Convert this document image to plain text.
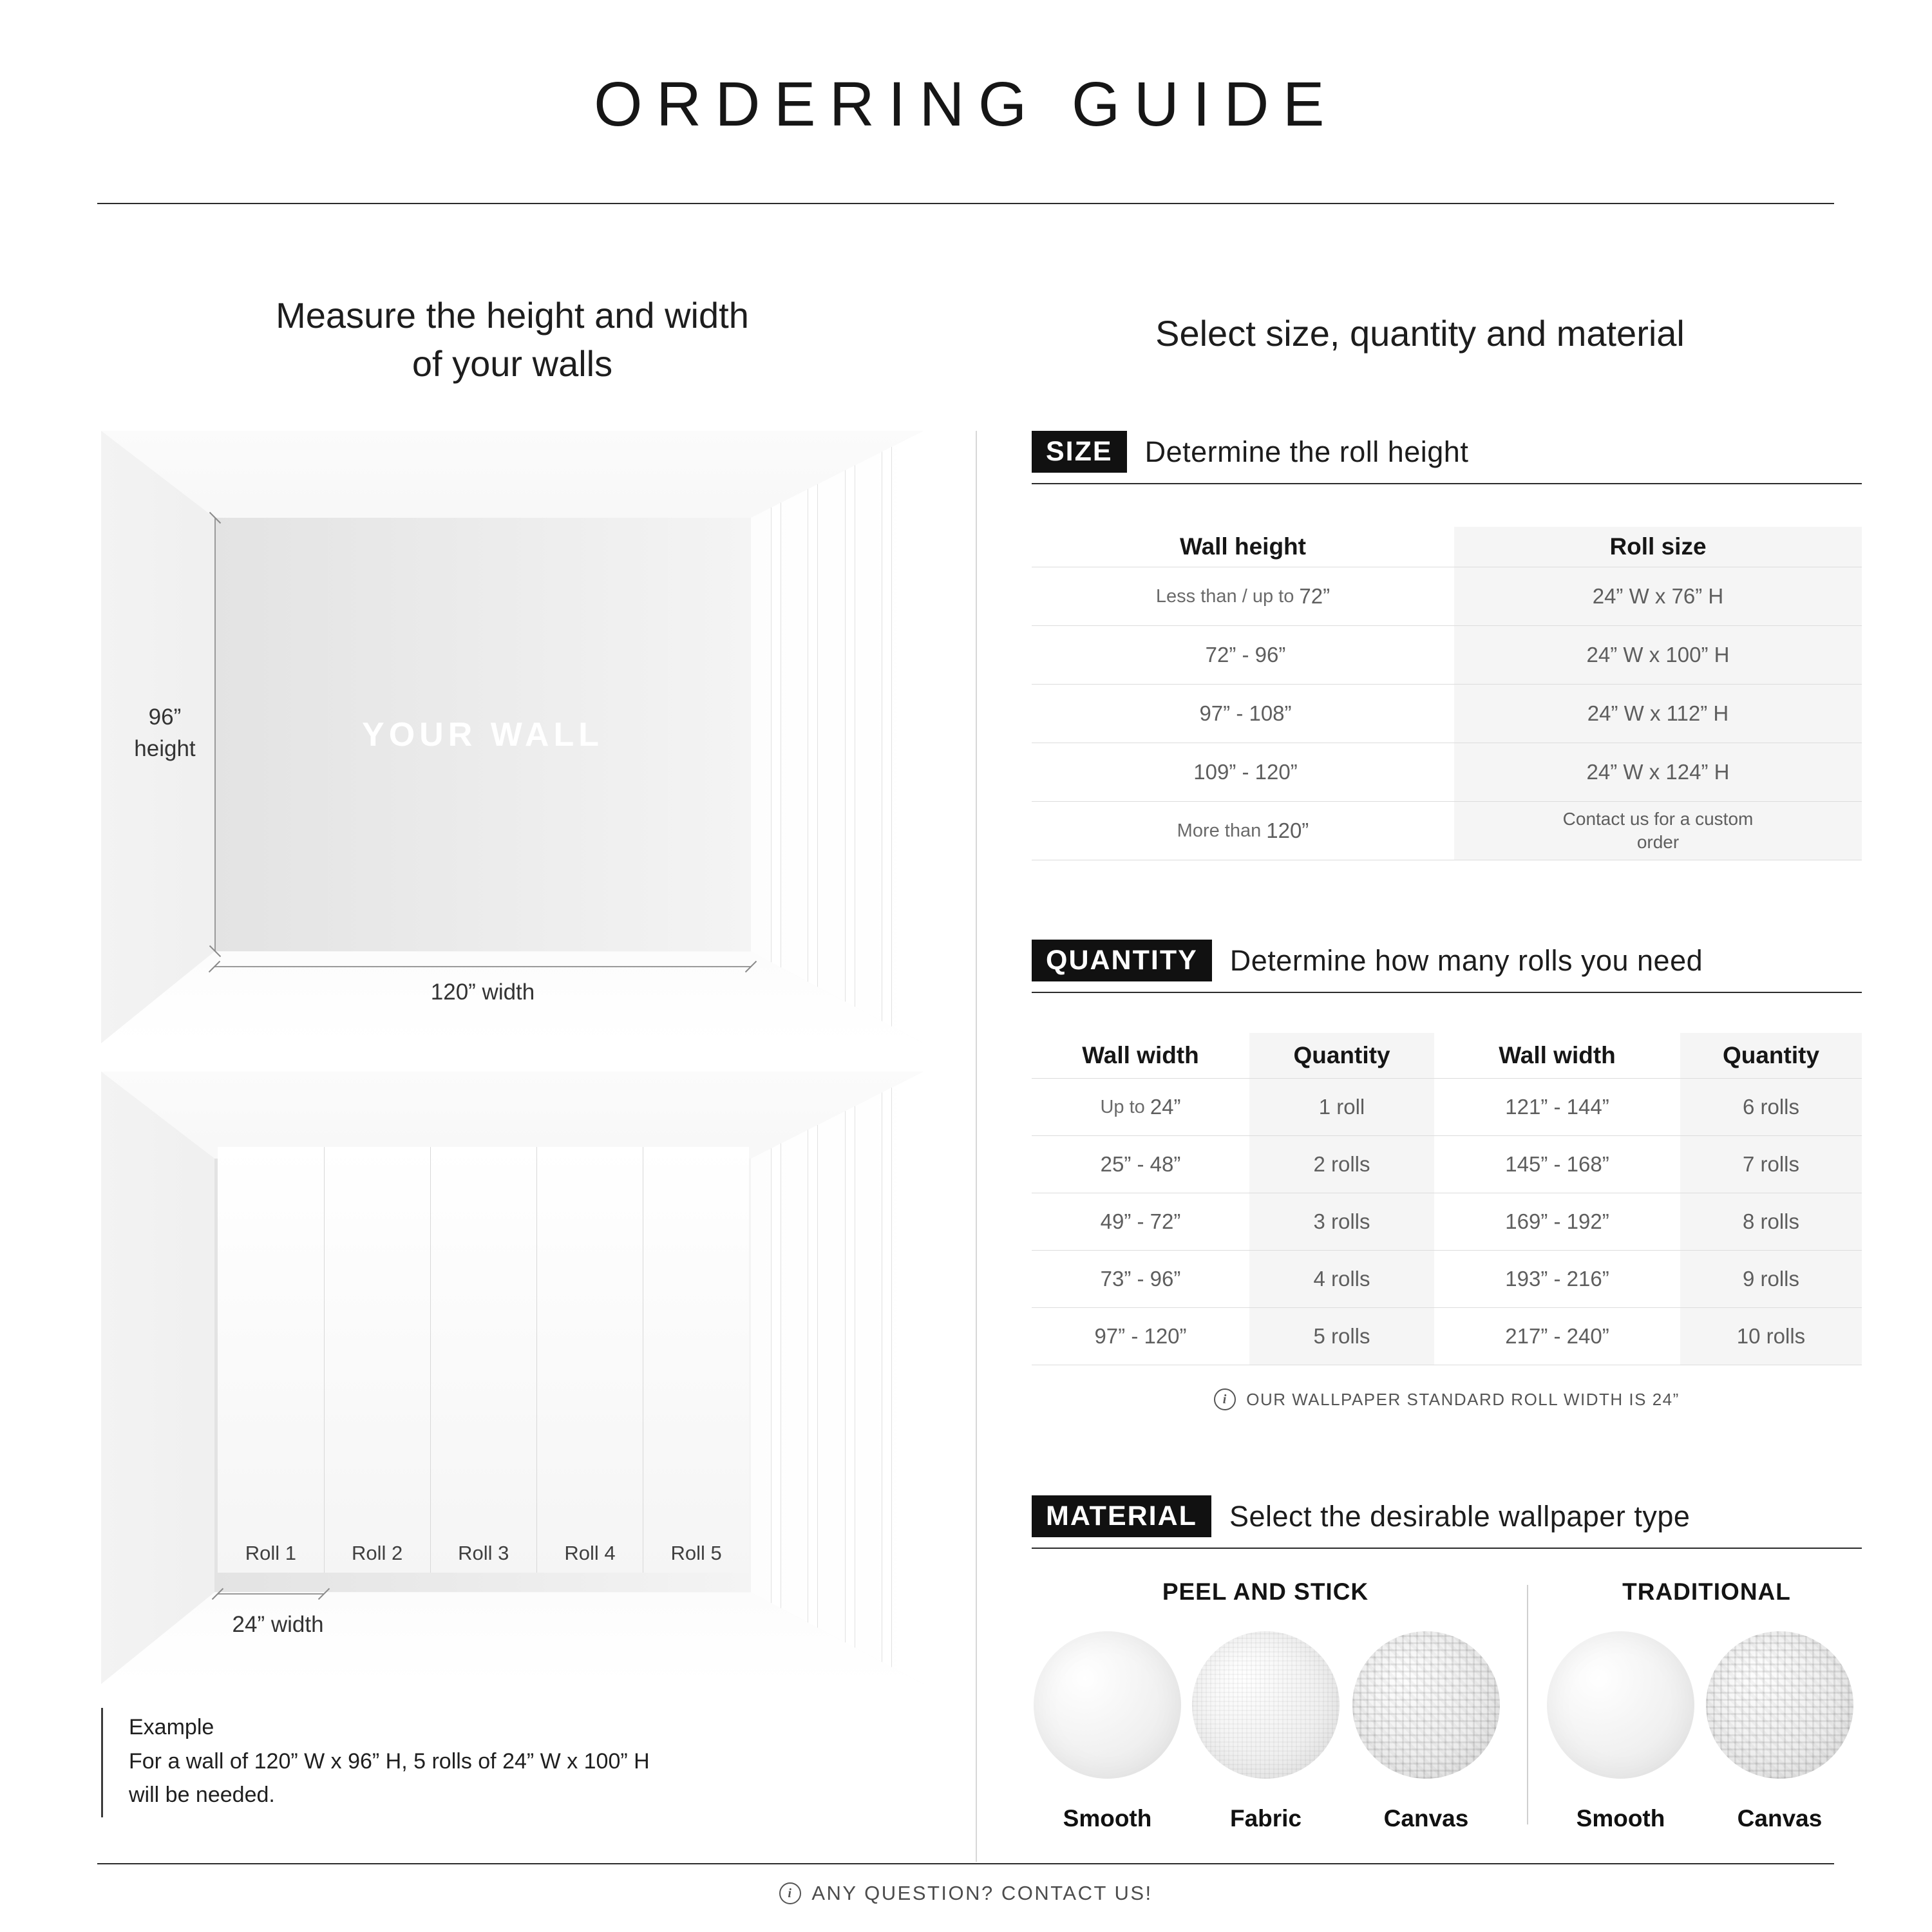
ORDERING GUIDE
Measure the height and width
of your walls
Select size, quantity and material
YOUR WALL
96”
height
120” width
Roll 1	Roll 2	Roll 3	Roll 4	Roll 5
24” width
Example
For a wall of 120” W x 96” H, 5 rolls of 24” W x 100” H
will be needed.
SIZE	Determine the roll height
Wall height	Roll size
Less than / up to 72”	24” W x 76” H
72” - 96”	24” W x 100” H
97” - 108”	24” W x 112” H
109” - 120”	24” W x 124” H
More than 120”	Contact us for a custom order
QUANTITY	Determine how many rolls you need
Wall width	Quantity	Wall width	Quantity
Up to 24”	1 roll	121” - 144”	6 rolls
25” - 48”	2 rolls	145” - 168”	7 rolls
49” - 72”	3 rolls	169” - 192”	8 rolls
73” - 96”	4 rolls	193” - 216”	9 rolls
97” - 120”	5 rolls	217” - 240”	10 rolls
i	OUR WALLPAPER STANDARD ROLL WIDTH IS 24”
MATERIAL	Select the desirable wallpaper type
PEEL AND STICK	TRADITIONAL
Smooth	Fabric	Canvas	Smooth	Canvas
i ANY QUESTION? CONTACT US!
